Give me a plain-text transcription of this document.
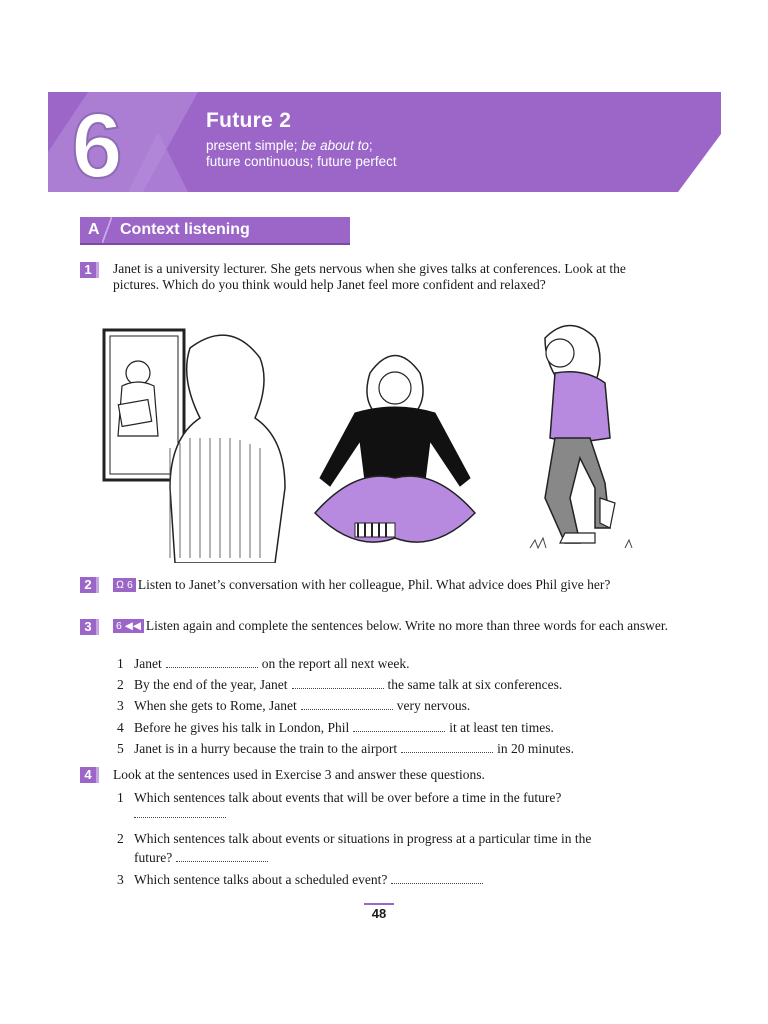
6	Future 2
present simple; be about to;
future continuous; future perfect
A Context listening
1	Janet is a university lecturer. She gets nervous when she gives talks at conferences. Look at the pictures. Which do you think would help Janet feel more confident and relaxed?
2	Ω 6 Listen to Janet’s conversation with her colleague, Phil. What advice does Phil give her?
3	6 ◀◀ Listen again and complete the sentences below. Write no more than three words for each answer.
1 Janet	on the report all next week.
2 By the end of the year, Janet	the same talk at six conferences.
3 When she gets to Rome, Janet	very nervous.
4 Before he gives his talk in London, Phil	it at least ten times.
5 Janet is in a hurry because the train to the airport	in 20 minutes.
4	Look at the sentences used in Exercise 3 and answer these questions.
1 Which sentences talk about events that will be over before a time in the future?
2 Which sentences talk about events or situations in progress at a particular time in the
future?
3 Which sentence talks about a scheduled event?
48
